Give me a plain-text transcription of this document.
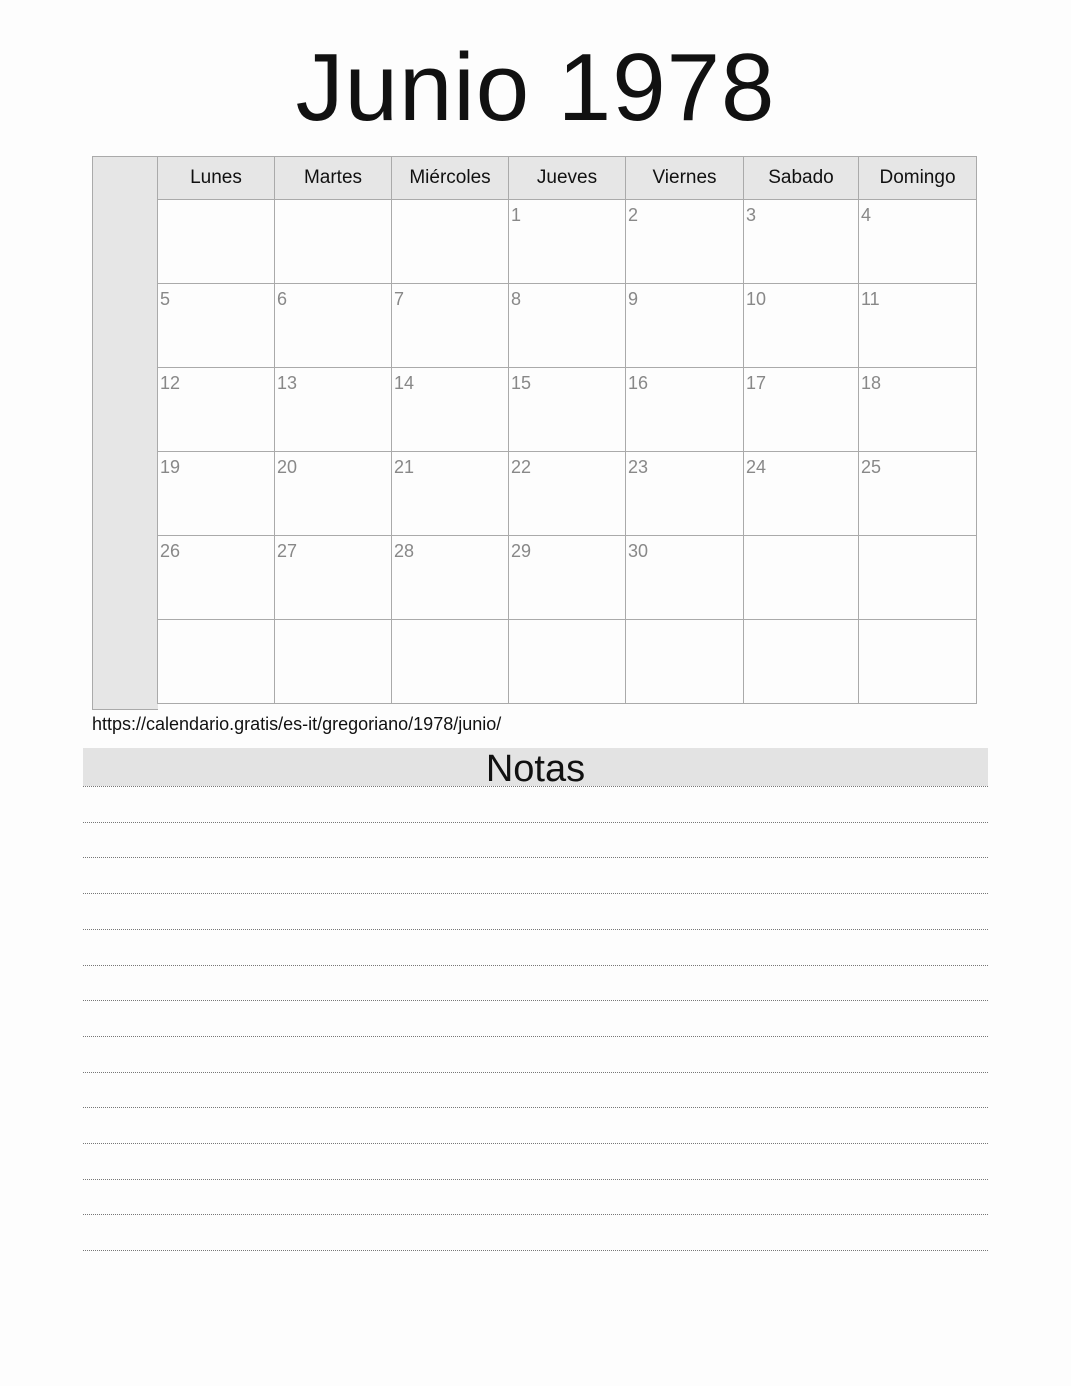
Junio 1978
Lunes	Martes	Miércoles	Jueves	Viernes	Sabado	Domingo

			1	2	3	4

5	6	7	8	9	10	11

12	13	14	15	16	17	18

19	20	21	22	23	24	25

26	27	28	29	30		

https://calendario.gratis/es-it/gregoriano/1978/junio/
Notas
